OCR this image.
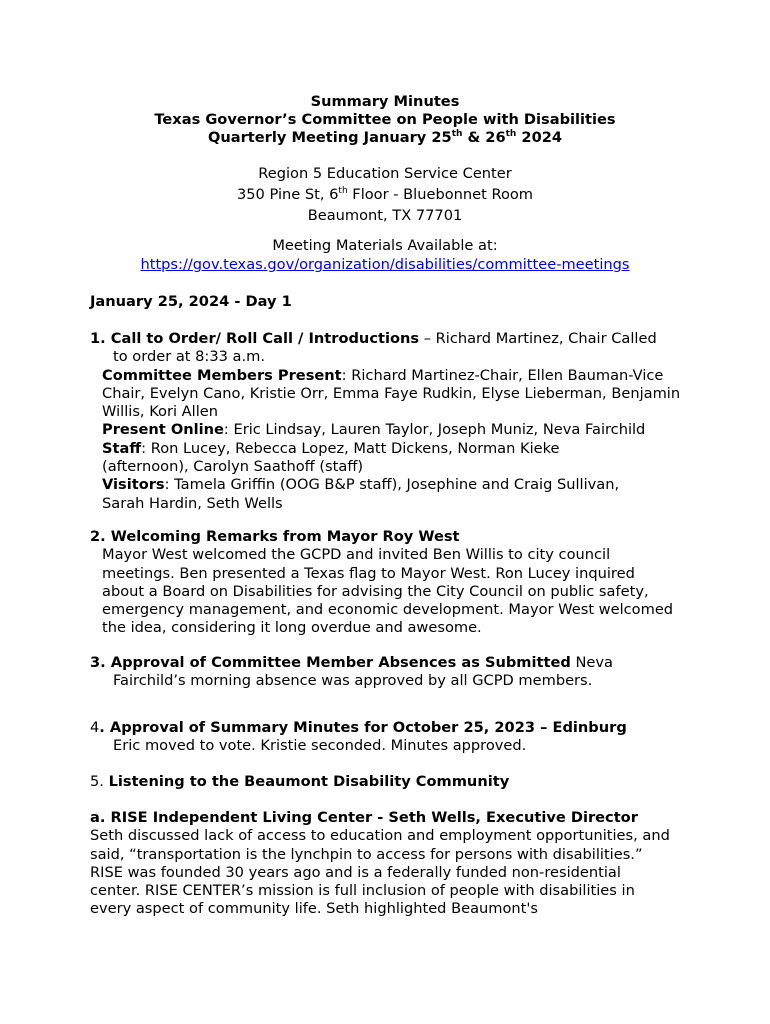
Summary Minutes
Texas Governor’s Committee on People with Disabilities
Quarterly Meeting January 25th & 26th 2024
Region 5 Education Service Center
350 Pine St, 6th Floor - Bluebonnet Room
Beaumont, TX 77701
Meeting Materials Available at:
https://gov.texas.gov/organization/disabilities/committee-meetings
January 25, 2024 - Day 1
1. Call to Order/ Roll Call / Introductions – Richard Martinez, Chair Called
to order at 8:33 a.m.
Committee Members Present: Richard Martinez-Chair, Ellen Bauman-Vice Chair, Evelyn Cano, Kristie Orr, Emma Faye Rudkin, Elyse Lieberman, Benjamin Willis, Kori Allen
Present Online: Eric Lindsay, Lauren Taylor, Joseph Muniz, Neva Fairchild
Staff: Ron Lucey, Rebecca Lopez, Matt Dickens, Norman Kieke (afternoon), Carolyn Saathoff (staff)
Visitors: Tamela Griffin (OOG B&P staff), Josephine and Craig Sullivan, Sarah Hardin, Seth Wells
2. Welcoming Remarks from Mayor Roy West
Mayor West welcomed the GCPD and invited Ben Willis to city council meetings. Ben presented a Texas flag to Mayor West. Ron Lucey inquired about a Board on Disabilities for advising the City Council on public safety, emergency management, and economic development. Mayor West welcomed the idea, considering it long overdue and awesome.
3. Approval of Committee Member Absences as Submitted Neva
Fairchild’s morning absence was approved by all GCPD members.
4. Approval of Summary Minutes for October 25, 2023 – Edinburg
Eric moved to vote. Kristie seconded. Minutes approved.
5. Listening to the Beaumont Disability Community
a. RISE Independent Living Center - Seth Wells, Executive Director
Seth discussed lack of access to education and employment opportunities, and said, “transportation is the lynchpin to access for persons with disabilities.” RISE was founded 30 years ago and is a federally funded non-residential center. RISE CENTER’s mission is full inclusion of people with disabilities in every aspect of community life. Seth highlighted Beaumont's
